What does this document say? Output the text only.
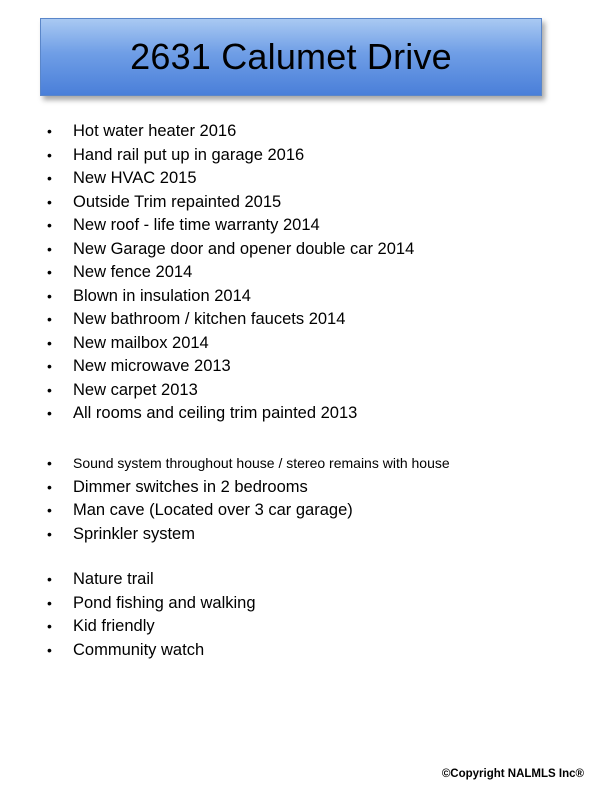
2631 Calumet Drive
• Hot water heater 2016
• Hand rail put up in garage 2016
• New HVAC 2015
• Outside Trim repainted 2015
• New roof - life time warranty 2014
• New Garage door and opener double car 2014
• New fence 2014
• Blown in insulation 2014
• New bathroom / kitchen faucets 2014
• New mailbox 2014
• New microwave 2013
• New carpet 2013
• All rooms and ceiling trim painted 2013
• Sound system throughout house / stereo remains with house
• Dimmer switches in 2 bedrooms
• Man cave (Located over 3 car garage)
• Sprinkler system
• Nature trail
• Pond fishing and walking
• Kid friendly
• Community watch
©Copyright NALMLS Inc®
